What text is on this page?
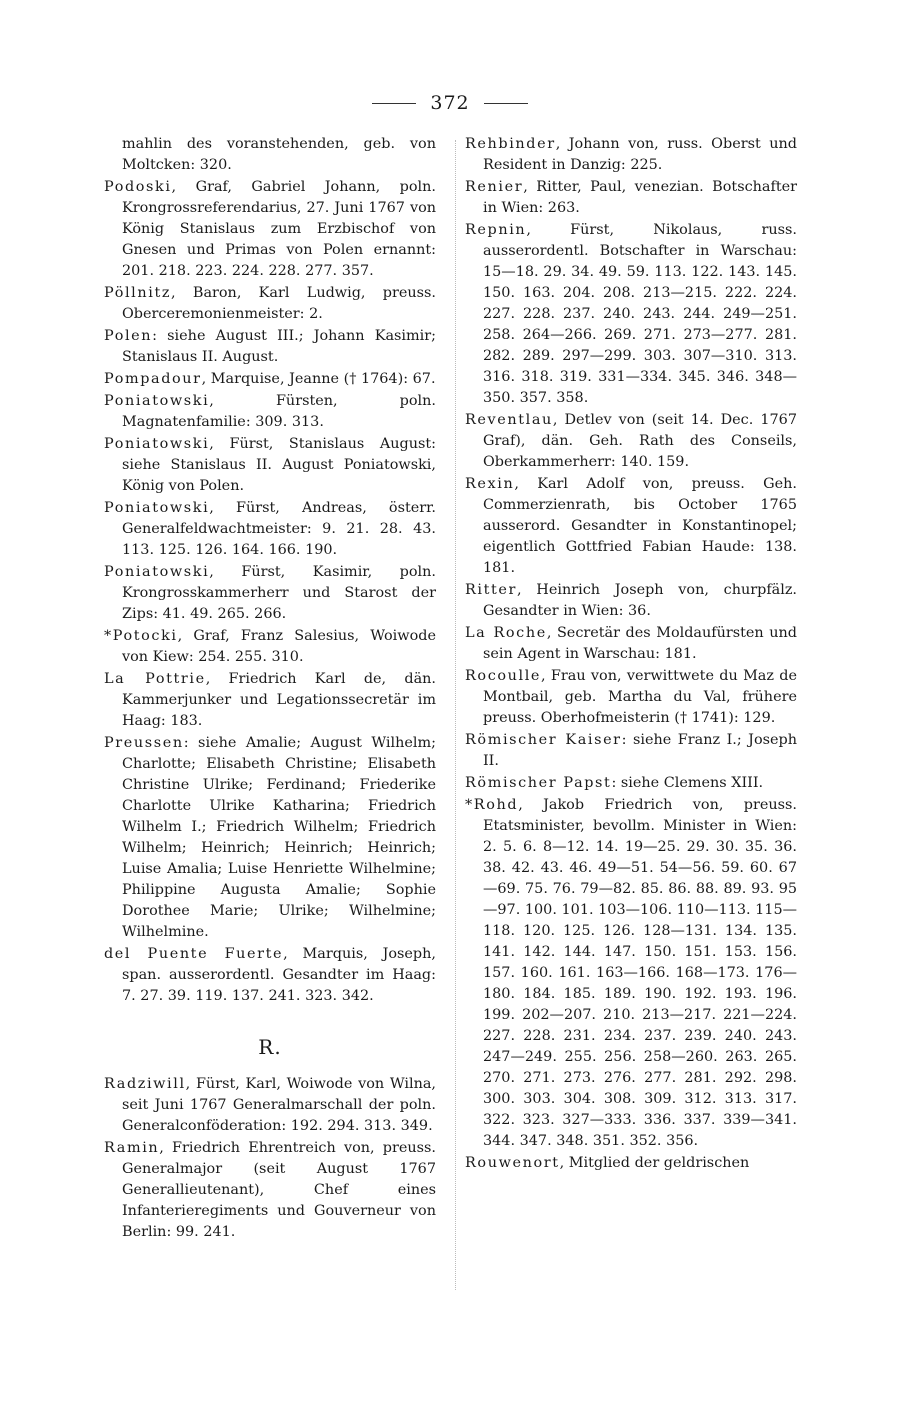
372

mahlin des voranstehenden, geb. von Moltcken: 320.

Podoski, Graf, Gabriel Johann, poln. Krongrossreferendarius, 27. Juni 1767 von König Stanislaus zum Erzbischof von Gnesen und Primas von Polen ernannt: 201. 218. 223. 224. 228. 277. 357.

Pöllnitz, Baron, Karl Ludwig, preuss. Oberceremonienmeister: 2.

Polen: siehe August III.; Johann Kasimir; Stanislaus II. August.

Pompadour, Marquise, Jeanne († 1764): 67.

Poniatowski, Fürsten, poln. Magnatenfamilie: 309. 313.

Poniatowski, Fürst, Stanislaus August: siehe Stanislaus II. August Poniatowski, König von Polen.

Poniatowski, Fürst, Andreas, österr. Generalfeldwachtmeister: 9. 21. 28. 43. 113. 125. 126. 164. 166. 190.

Poniatowski, Fürst, Kasimir, poln. Krongrosskammerherr und Starost der Zips: 41. 49. 265. 266.

*Potocki, Graf, Franz Salesius, Woiwode von Kiew: 254. 255. 310.

La Pottrie, Friedrich Karl de, dän. Kammerjunker und Legationssecretär im Haag: 183.

Preussen: siehe Amalie; August Wilhelm; Charlotte; Elisabeth Christine; Elisabeth Christine Ulrike; Ferdinand; Friederike Charlotte Ulrike Katharina; Friedrich Wilhelm I.; Friedrich Wilhelm; Friedrich Wilhelm; Heinrich; Heinrich; Heinrich; Luise Amalia; Luise Henriette Wilhelmine; Philippine Augusta Amalie; Sophie Dorothee Marie; Ulrike; Wilhelmine; Wilhelmine.

del Puente Fuerte, Marquis, Joseph, span. ausserordentl. Gesandter im Haag: 7. 27. 39. 119. 137. 241. 323. 342.

R.

Radziwill, Fürst, Karl, Woiwode von Wilna, seit Juni 1767 Generalmarschall der poln. Generalconföderation: 192. 294. 313. 349.

Ramin, Friedrich Ehrentreich von, preuss. Generalmajor (seit August 1767 Generallieutenant), Chef eines Infanterieregiments und Gouverneur von Berlin: 99. 241.

Rehbinder, Johann von, russ. Oberst und Resident in Danzig: 225.

Renier, Ritter, Paul, venezian. Botschafter in Wien: 263.

Repnin, Fürst, Nikolaus, russ. ausserordentl. Botschafter in Warschau: 15—18. 29. 34. 49. 59. 113. 122. 143. 145. 150. 163. 204. 208. 213—215. 222. 224. 227. 228. 237. 240. 243. 244. 249—251. 258. 264—266. 269. 271. 273—277. 281. 282. 289. 297—299. 303. 307—310. 313. 316. 318. 319. 331—334. 345. 346. 348—350. 357. 358.

Reventlau, Detlev von (seit 14. Dec. 1767 Graf), dän. Geh. Rath des Conseils, Oberkammerherr: 140. 159.

Rexin, Karl Adolf von, preuss. Geh. Commerzienrath, bis October 1765 ausserord. Gesandter in Konstantinopel; eigentlich Gottfried Fabian Haude: 138. 181.

Ritter, Heinrich Joseph von, churpfälz. Gesandter in Wien: 36.

La Roche, Secretär des Moldaufürsten und sein Agent in Warschau: 181.

Rocoulle, Frau von, verwittwete du Maz de Montbail, geb. Martha du Val, frühere preuss. Oberhofmeisterin († 1741): 129.

Römischer Kaiser: siehe Franz I.; Joseph II.

Römischer Papst: siehe Clemens XIII.

*Rohd, Jakob Friedrich von, preuss. Etatsminister, bevollm. Minister in Wien: 2. 5. 6. 8—12. 14. 19—25. 29. 30. 35. 36. 38. 42. 43. 46. 49—51. 54—56. 59. 60. 67—69. 75. 76. 79—82. 85. 86. 88. 89. 93. 95—97. 100. 101. 103—106. 110—113. 115—118. 120. 125. 126. 128—131. 134. 135. 141. 142. 144. 147. 150. 151. 153. 156. 157. 160. 161. 163—166. 168—173. 176—180. 184. 185. 189. 190. 192. 193. 196. 199. 202—207. 210. 213—217. 221—224. 227. 228. 231. 234. 237. 239. 240. 243. 247—249. 255. 256. 258—260. 263. 265. 270. 271. 273. 276. 277. 281. 292. 298. 300. 303. 304. 308. 309. 312. 313. 317. 322. 323. 327—333. 336. 337. 339—341. 344. 347. 348. 351. 352. 356.

Rouwenort, Mitglied der geldrischen
